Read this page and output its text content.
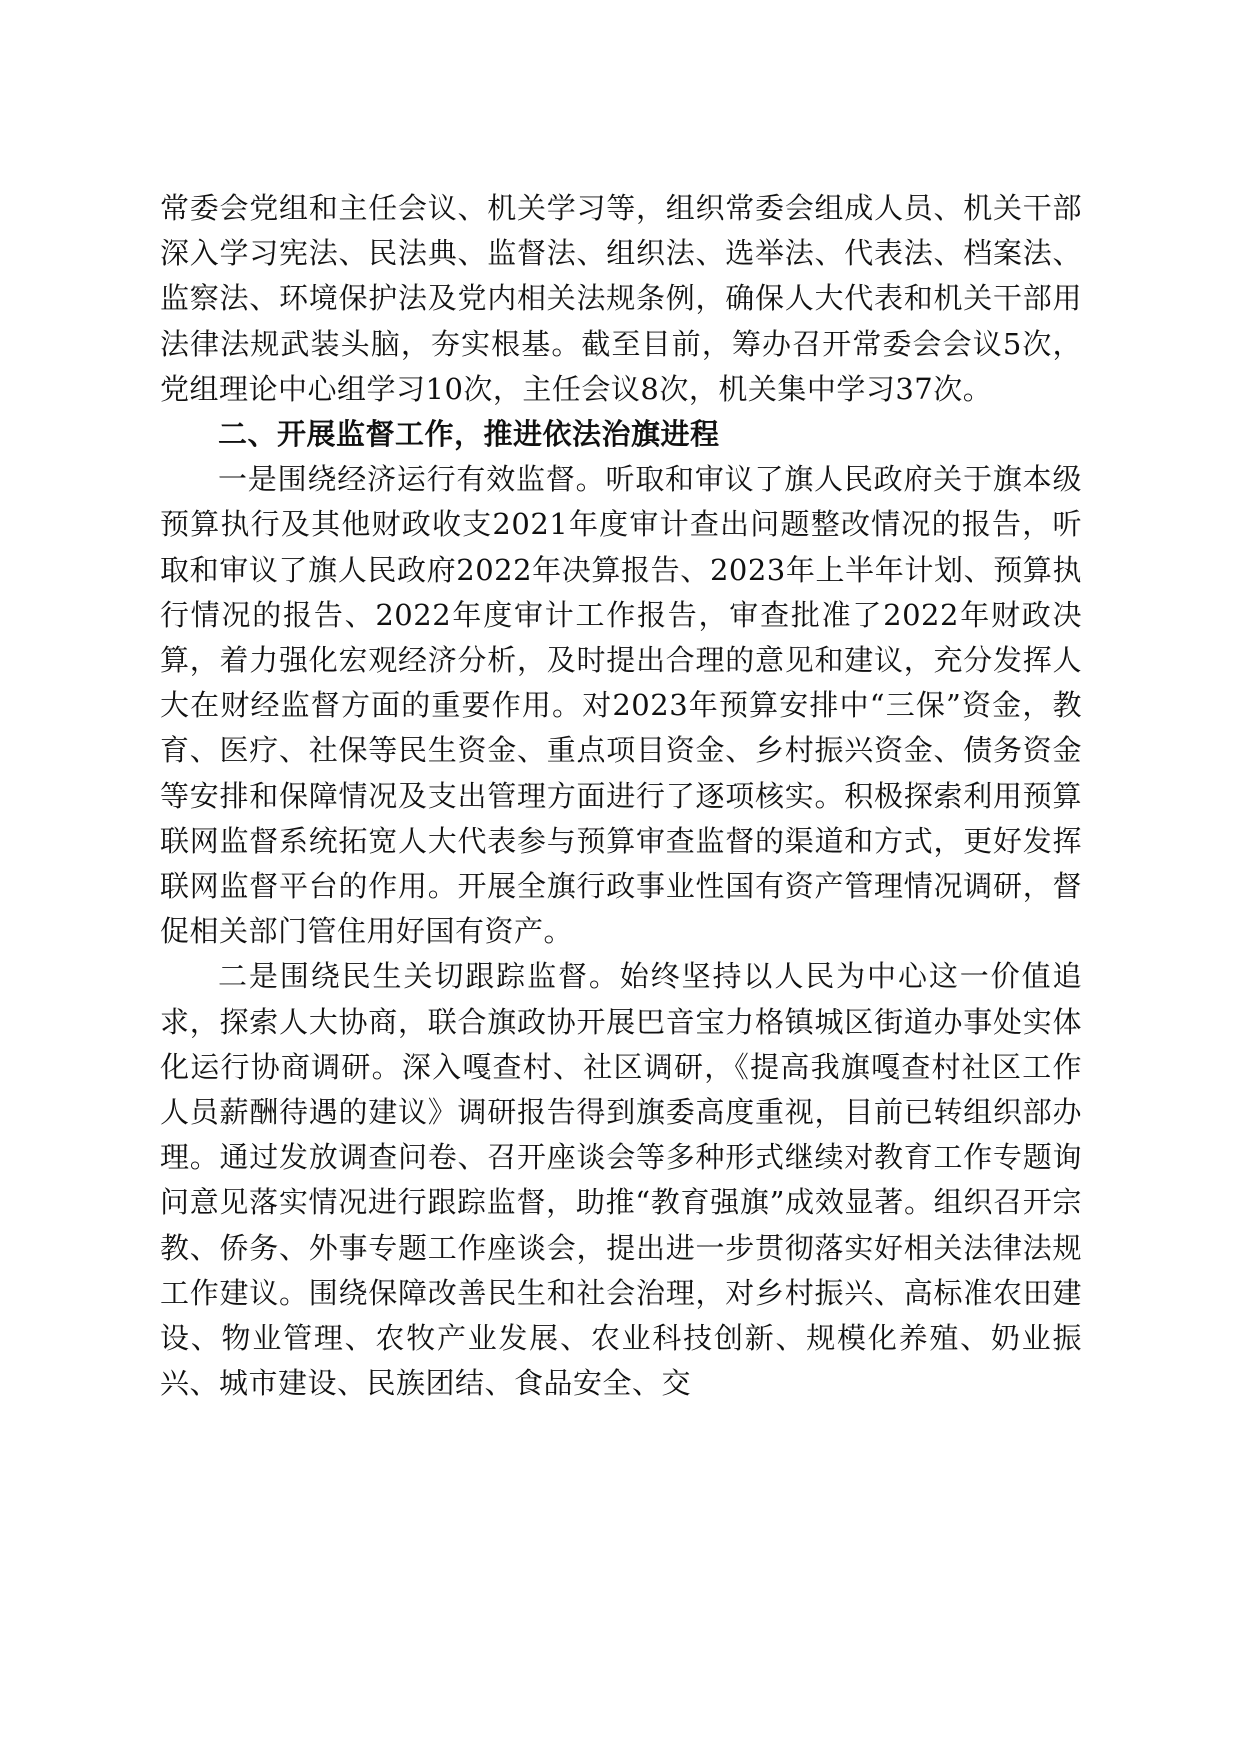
常委会党组和主任会议、机关学习等，组织常委会组成人员、机关干部深入学习宪法、民法典、监督法、组织法、选举法、代表法、档案法、监察法、环境保护法及党内相关法规条例，确保人大代表和机关干部用法律法规武装头脑，夯实根基。截至目前，筹办召开常委会会议5次，党组理论中心组学习10次，主任会议8次，机关集中学习37次。

二、开展监督工作，推进依法治旗进程

一是围绕经济运行有效监督。听取和审议了旗人民政府关于旗本级预算执行及其他财政收支2021年度审计查出问题整改情况的报告，听取和审议了旗人民政府2022年决算报告、2023年上半年计划、预算执行情况的报告、2022年度审计工作报告，审查批准了2022年财政决算，着力强化宏观经济分析，及时提出合理的意见和建议，充分发挥人大在财经监督方面的重要作用。对2023年预算安排中“三保”资金，教育、医疗、社保等民生资金、重点项目资金、乡村振兴资金、债务资金等安排和保障情况及支出管理方面进行了逐项核实。积极探索利用预算联网监督系统拓宽人大代表参与预算审查监督的渠道和方式，更好发挥联网监督平台的作用。开展全旗行政事业性国有资产管理情况调研，督促相关部门管住用好国有资产。

二是围绕民生关切跟踪监督。始终坚持以人民为中心这一价值追求，探索人大协商，联合旗政协开展巴音宝力格镇城区街道办事处实体化运行协商调研。深入嘎查村、社区调研，《提高我旗嘎查村社区工作人员薪酬待遇的建议》调研报告得到旗委高度重视，目前已转组织部办理。通过发放调查问卷、召开座谈会等多种形式继续对教育工作专题询问意见落实情况进行跟踪监督，助推“教育强旗”成效显著。组织召开宗教、侨务、外事专题工作座谈会，提出进一步贯彻落实好相关法律法规工作建议。围绕保障改善民生和社会治理，对乡村振兴、高标准农田建设、物业管理、农牧产业发展、农业科技创新、规模化养殖、奶业振兴、城市建设、民族团结、食品安全、交
